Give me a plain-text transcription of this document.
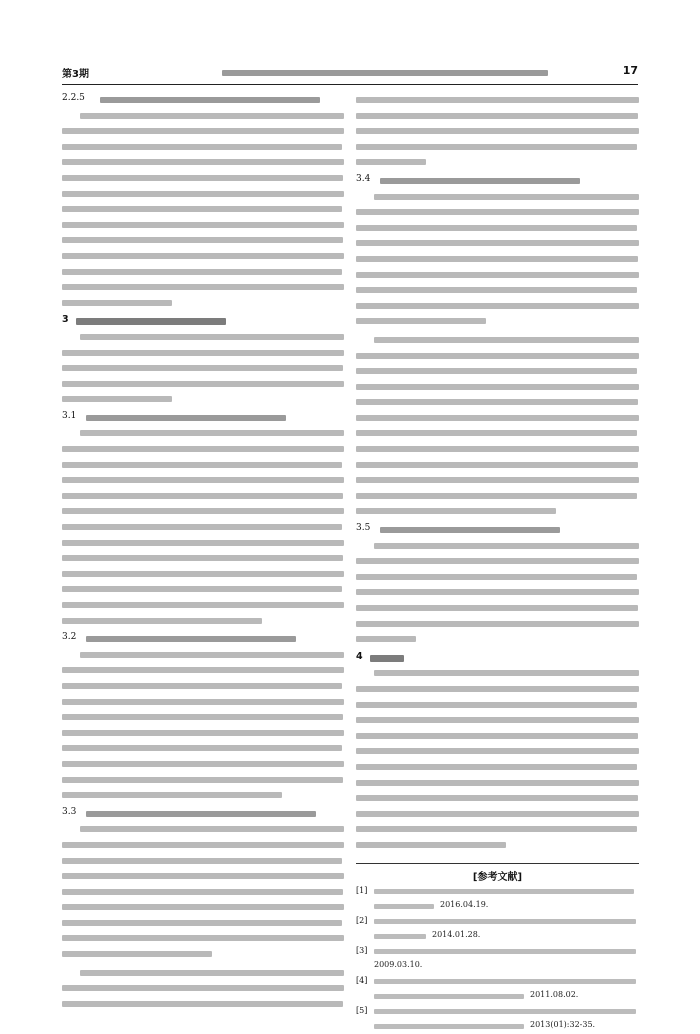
第3期	17
2.2.5
3
3.1
3.2
3.3
3.4
3.5
4
[参考文献]
[1]
2016.04.19.
[2]
2014.01.28.
[3]
2009.03.10.
[4]
2011.08.02.
[5]
2013(01):32-35.
